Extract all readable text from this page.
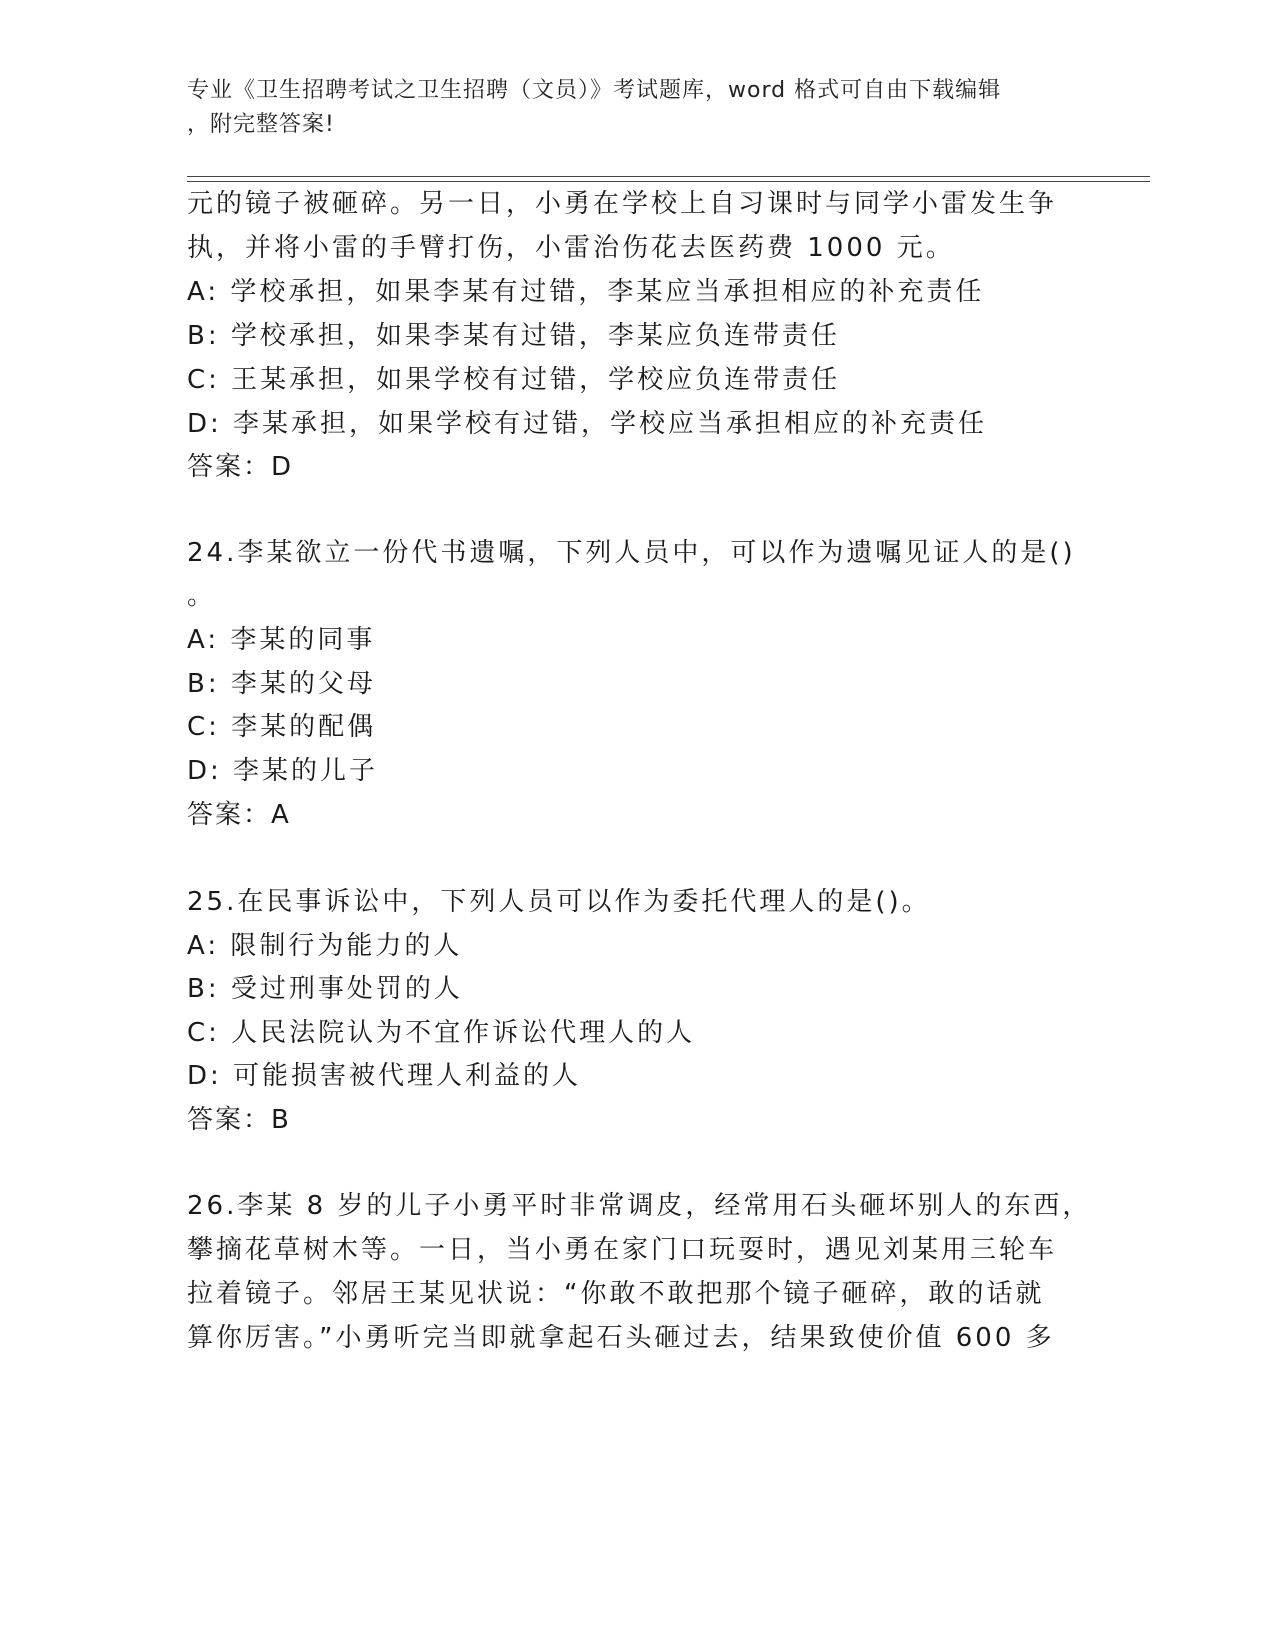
专业《卫生招聘考试之卫生招聘（文员）》考试题库，word 格式可自由下载编辑
，附完整答案!
元的镜子被砸碎。另一日，小勇在学校上自习课时与同学小雷发生争
执，并将小雷的手臂打伤，小雷治伤花去医药费 1000 元。
A: 学校承担，如果李某有过错，李某应当承担相应的补充责任
B: 学校承担，如果李某有过错，李某应负连带责任
C: 王某承担，如果学校有过错，学校应负连带责任
D: 李某承担，如果学校有过错，学校应当承担相应的补充责任
答案：D
24.李某欲立一份代书遗嘱，下列人员中，可以作为遗嘱见证人的是()
。
A: 李某的同事
B: 李某的父母
C: 李某的配偶
D: 李某的儿子
答案：A
25.在民事诉讼中，下列人员可以作为委托代理人的是()。
A: 限制行为能力的人
B: 受过刑事处罚的人
C: 人民法院认为不宜作诉讼代理人的人
D: 可能损害被代理人利益的人
答案：B
26.李某 8 岁的儿子小勇平时非常调皮，经常用石头砸坏别人的东西，
攀摘花草树木等。一日，当小勇在家门口玩耍时，遇见刘某用三轮车
拉着镜子。邻居王某见状说：“你敢不敢把那个镜子砸碎，敢的话就
算你厉害。”小勇听完当即就拿起石头砸过去，结果致使价值 600 多
